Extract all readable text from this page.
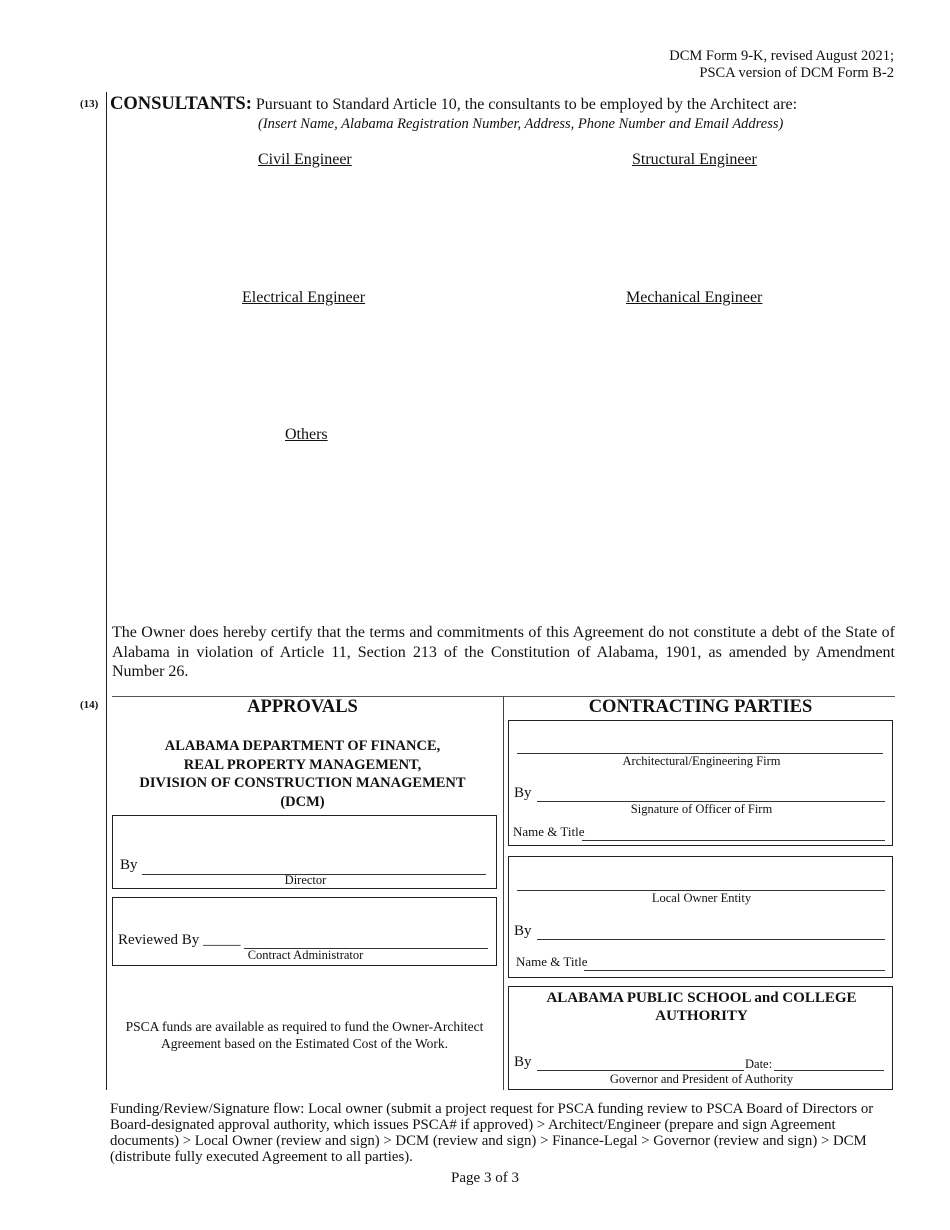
DCM Form 9-K, revised August 2021;
PSCA version of DCM Form B-2
(13) CONSULTANTS: Pursuant to Standard Article 10, the consultants to be employed by the Architect are:
(Insert Name, Alabama Registration Number, Address, Phone Number and Email Address)
Civil Engineer	Structural Engineer
Electrical Engineer	Mechanical Engineer
Others
The Owner does hereby certify that the terms and commitments of this Agreement do not constitute a debt of the State of Alabama in violation of Article 11, Section 213 of the Constitution of Alabama, 1901, as amended by Amendment Number 26.
(14)	APPROVALS
ALABAMA DEPARTMENT OF FINANCE,
REAL PROPERTY MANAGEMENT,
DIVISION OF CONSTRUCTION MANAGEMENT
(DCM)
By
Director
Reviewed By _____
Contract Administrator
PSCA funds are available as required to fund the Owner-Architect Agreement based on the Estimated Cost of the Work.
CONTRACTING PARTIES
Architectural/Engineering Firm
By
Signature of Officer of Firm
Name & Title
Local Owner Entity
By
Name & Title
ALABAMA PUBLIC SCHOOL and COLLEGE
AUTHORITY
By	Date:
Governor and President of Authority
Funding/Review/Signature flow: Local owner (submit a project request for PSCA funding review to PSCA Board of Directors or Board-designated approval authority, which issues PSCA# if approved) > Architect/Engineer (prepare and sign Agreement documents) > Local Owner (review and sign) > DCM (review and sign) > Finance-Legal > Governor (review and sign) > DCM (distribute fully executed Agreement to all parties).
Page 3 of 3
